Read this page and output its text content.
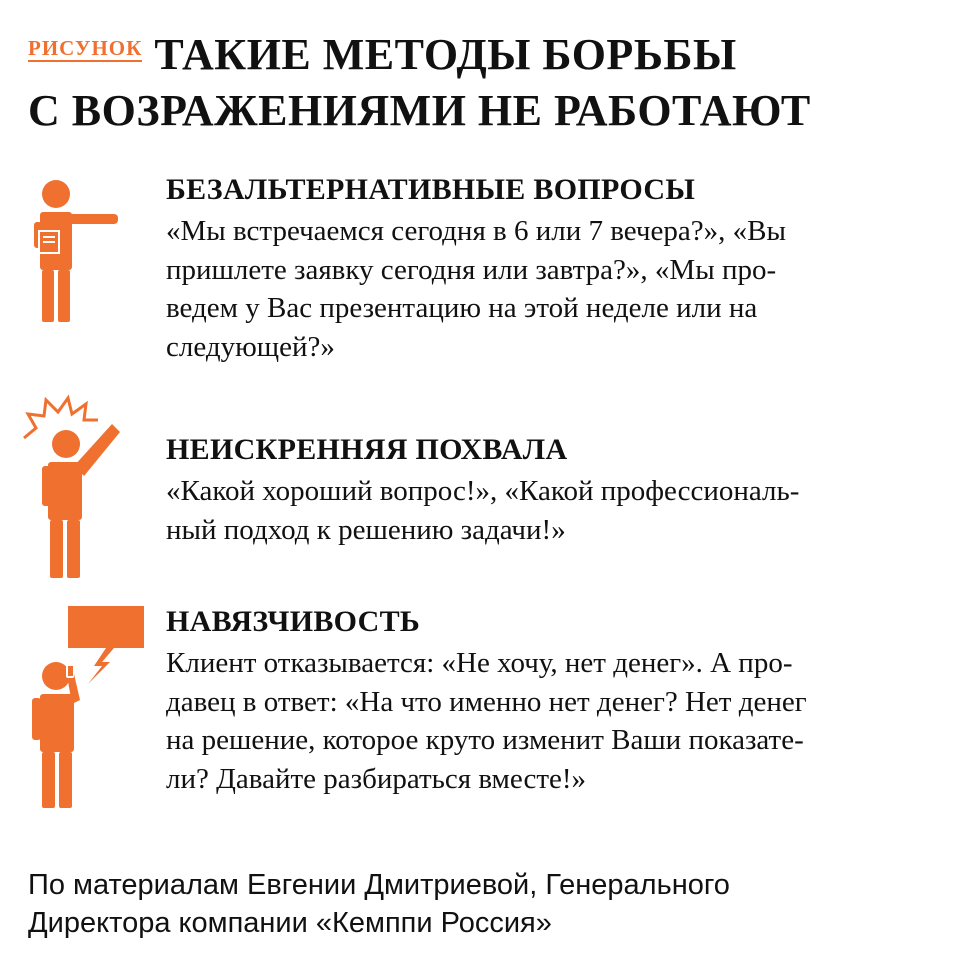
РИСУНОК ТАКИЕ МЕТОДЫ БОРЬБЫ
С ВОЗРАЖЕНИЯМИ НЕ РАБОТАЮТ
БЕЗАЛЬТЕРНАТИВНЫЕ ВОПРОСЫ
«Мы встречаемся сегодня в 6 или 7 вечера?», «Вы
пришлете заявку сегодня или завтра?», «Мы про-
ведем у Вас презентацию на этой неделе или на
следующей?»
НЕИСКРЕННЯЯ ПОХВАЛА
«Какой хороший вопрос!», «Какой профессиональ-
ный подход к решению задачи!»
НАВЯЗЧИВОСТЬ
Клиент отказывается: «Не хочу, нет денег». А про-
давец в ответ: «На что именно нет денег? Нет денег
на решение, которое круто изменит Ваши показате-
ли? Давайте разбираться вместе!»
По материалам Евгении Дмитриевой, Генерального
Директора компании «Кемппи Россия»
